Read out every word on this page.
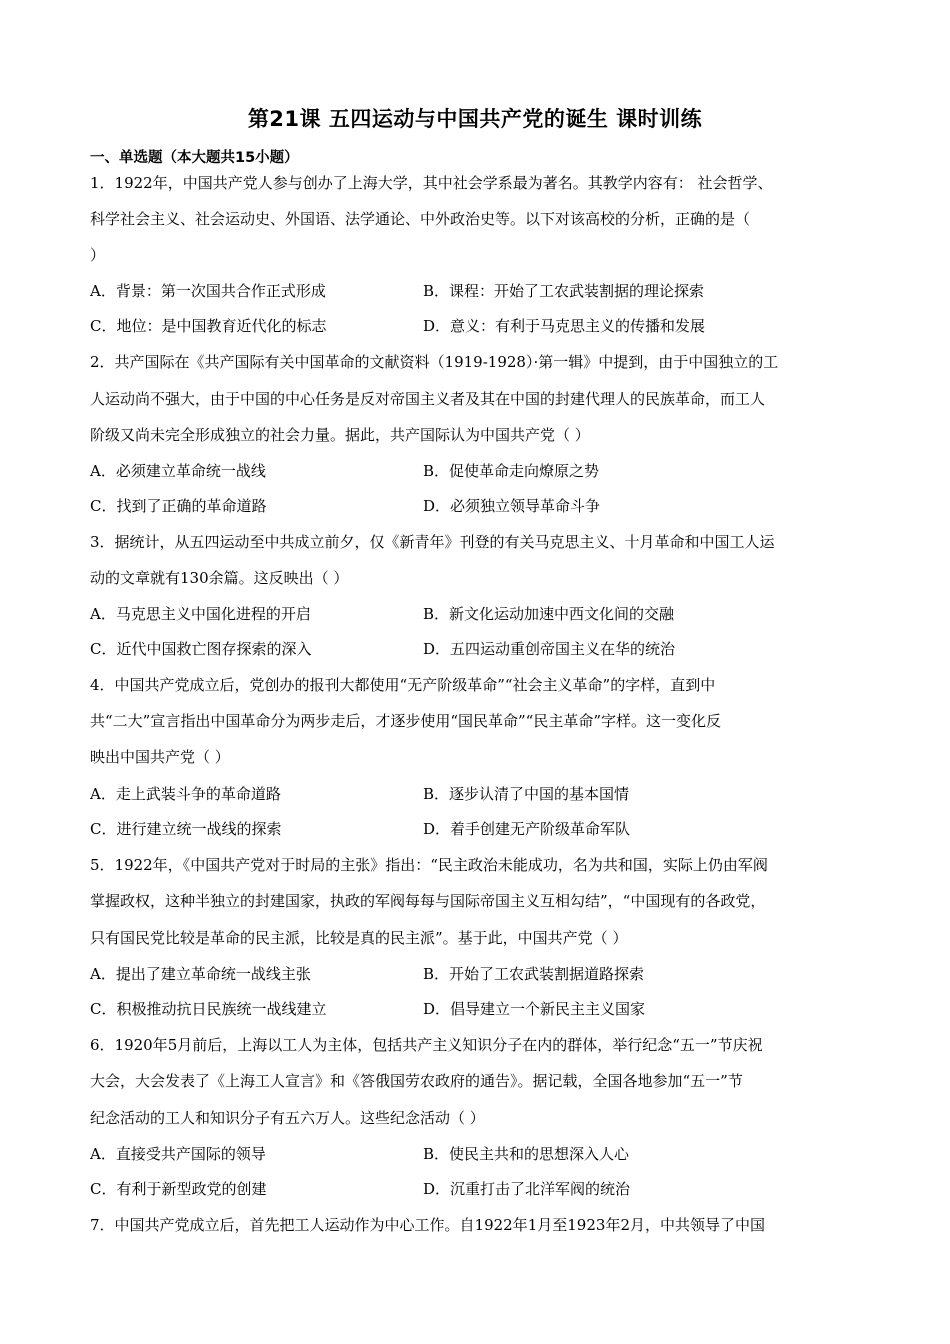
第21课 五四运动与中国共产党的诞生 课时训练
一、单选题（本大题共15小题）
1．1922年，中国共产党人参与创办了上海大学，其中社会学系最为著名。其教学内容有： 社会哲学、
科学社会主义、社会运动史、外国语、法学通论、中外政治史等。以下对该高校的分析，正确的是（
）
A．背景：第一次国共合作正式形成	B．课程：开始了工农武装割据的理论探索
C．地位：是中国教育近代化的标志	D．意义：有利于马克思主义的传播和发展
2．共产国际在《共产国际有关中国革命的文献资料（1919-1928）·第一辑》中提到，由于中国独立的工
人运动尚不强大，由于中国的中心任务是反对帝国主义者及其在中国的封建代理人的民族革命，而工人
阶级又尚未完全形成独立的社会力量。据此，共产国际认为中国共产党（ ）
A．必须建立革命统一战线	B．促使革命走向燎原之势
C．找到了正确的革命道路	D．必须独立领导革命斗争
3．据统计，从五四运动至中共成立前夕，仅《新青年》刊登的有关马克思主义、十月革命和中国工人运
动的文章就有130余篇。这反映出（ ）
A．马克思主义中国化进程的开启	B．新文化运动加速中西文化间的交融
C．近代中国救亡图存探索的深入	D．五四运动重创帝国主义在华的统治
4．中国共产党成立后，党创办的报刊大都使用“无产阶级革命”“社会主义革命”的字样，直到中
共“二大”宣言指出中国革命分为两步走后，才逐步使用“国民革命”“民主革命”字样。这一变化反
映出中国共产党（ ）
A．走上武装斗争的革命道路	B．逐步认清了中国的基本国情
C．进行建立统一战线的探索	D．着手创建无产阶级革命军队
5．1922年，《中国共产党对于时局的主张》指出：“民主政治未能成功，名为共和国，实际上仍由军阀
掌握政权，这种半独立的封建国家，执政的军阀每每与国际帝国主义互相勾结”，“中国现有的各政党，
只有国民党比较是革命的民主派，比较是真的民主派”。基于此，中国共产党（ ）
A．提出了建立革命统一战线主张	B．开始了工农武装割据道路探索
C．积极推动抗日民族统一战线建立	D．倡导建立一个新民主主义国家
6．1920年5月前后，上海以工人为主体，包括共产主义知识分子在内的群体，举行纪念“五一”节庆祝
大会，大会发表了《上海工人宣言》和《答俄国劳农政府的通告》。据记载，全国各地参加“五一”节
纪念活动的工人和知识分子有五六万人。这些纪念活动（ ）
A．直接受共产国际的领导	B．使民主共和的思想深入人心
C．有利于新型政党的创建	D．沉重打击了北洋军阀的统治
7．中国共产党成立后，首先把工人运动作为中心工作。自1922年1月至1923年2月，中共领导了中国
